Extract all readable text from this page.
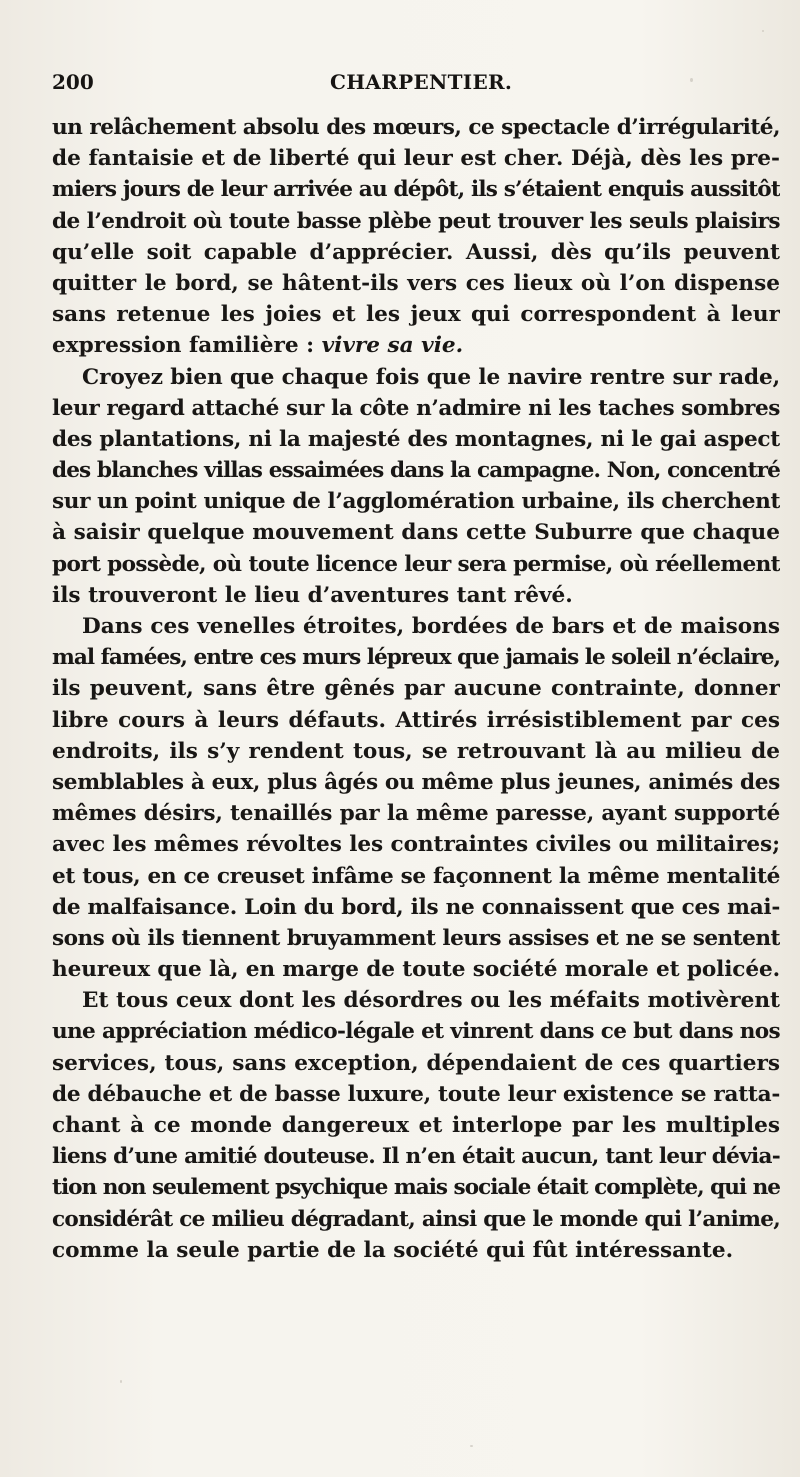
200	CHARPENTIER.
un relâchement absolu des mœurs, ce spectacle d’irrégularité,
de fantaisie et de liberté qui leur est cher. Déjà, dès les pre-
miers jours de leur arrivée au dépôt, ils s’étaient enquis aussitôt
de l’endroit où toute basse plèbe peut trouver les seuls plaisirs
qu’elle soit capable d’apprécier. Aussi, dès qu’ils peuvent
quitter le bord, se hâtent-ils vers ces lieux où l’on dispense
sans retenue les joies et les jeux qui correspondent à leur
expression familière : vivre sa vie.
Croyez bien que chaque fois que le navire rentre sur rade,
leur regard attaché sur la côte n’admire ni les taches sombres
des plantations, ni la majesté des montagnes, ni le gai aspect
des blanches villas essaimées dans la campagne. Non, concentré
sur un point unique de l’agglomération urbaine, ils cherchent
à saisir quelque mouvement dans cette Suburre que chaque
port possède, où toute licence leur sera permise, où réellement
ils trouveront le lieu d’aventures tant rêvé.
Dans ces venelles étroites, bordées de bars et de maisons
mal famées, entre ces murs lépreux que jamais le soleil n’éclaire,
ils peuvent, sans être gênés par aucune contrainte, donner
libre cours à leurs défauts. Attirés irrésistiblement par ces
endroits, ils s’y rendent tous, se retrouvant là au milieu de
semblables à eux, plus âgés ou même plus jeunes, animés des
mêmes désirs, tenaillés par la même paresse, ayant supporté
avec les mêmes révoltes les contraintes civiles ou militaires;
et tous, en ce creuset infâme se façonnent la même mentalité
de malfaisance. Loin du bord, ils ne connaissent que ces mai-
sons où ils tiennent bruyamment leurs assises et ne se sentent
heureux que là, en marge de toute société morale et policée.
Et tous ceux dont les désordres ou les méfaits motivèrent
une appréciation médico-légale et vinrent dans ce but dans nos
services, tous, sans exception, dépendaient de ces quartiers
de débauche et de basse luxure, toute leur existence se ratta-
chant à ce monde dangereux et interlope par les multiples
liens d’une amitié douteuse. Il n’en était aucun, tant leur dévia-
tion non seulement psychique mais sociale était complète, qui ne
considérât ce milieu dégradant, ainsi que le monde qui l’anime,
comme la seule partie de la société qui fût intéressante.
